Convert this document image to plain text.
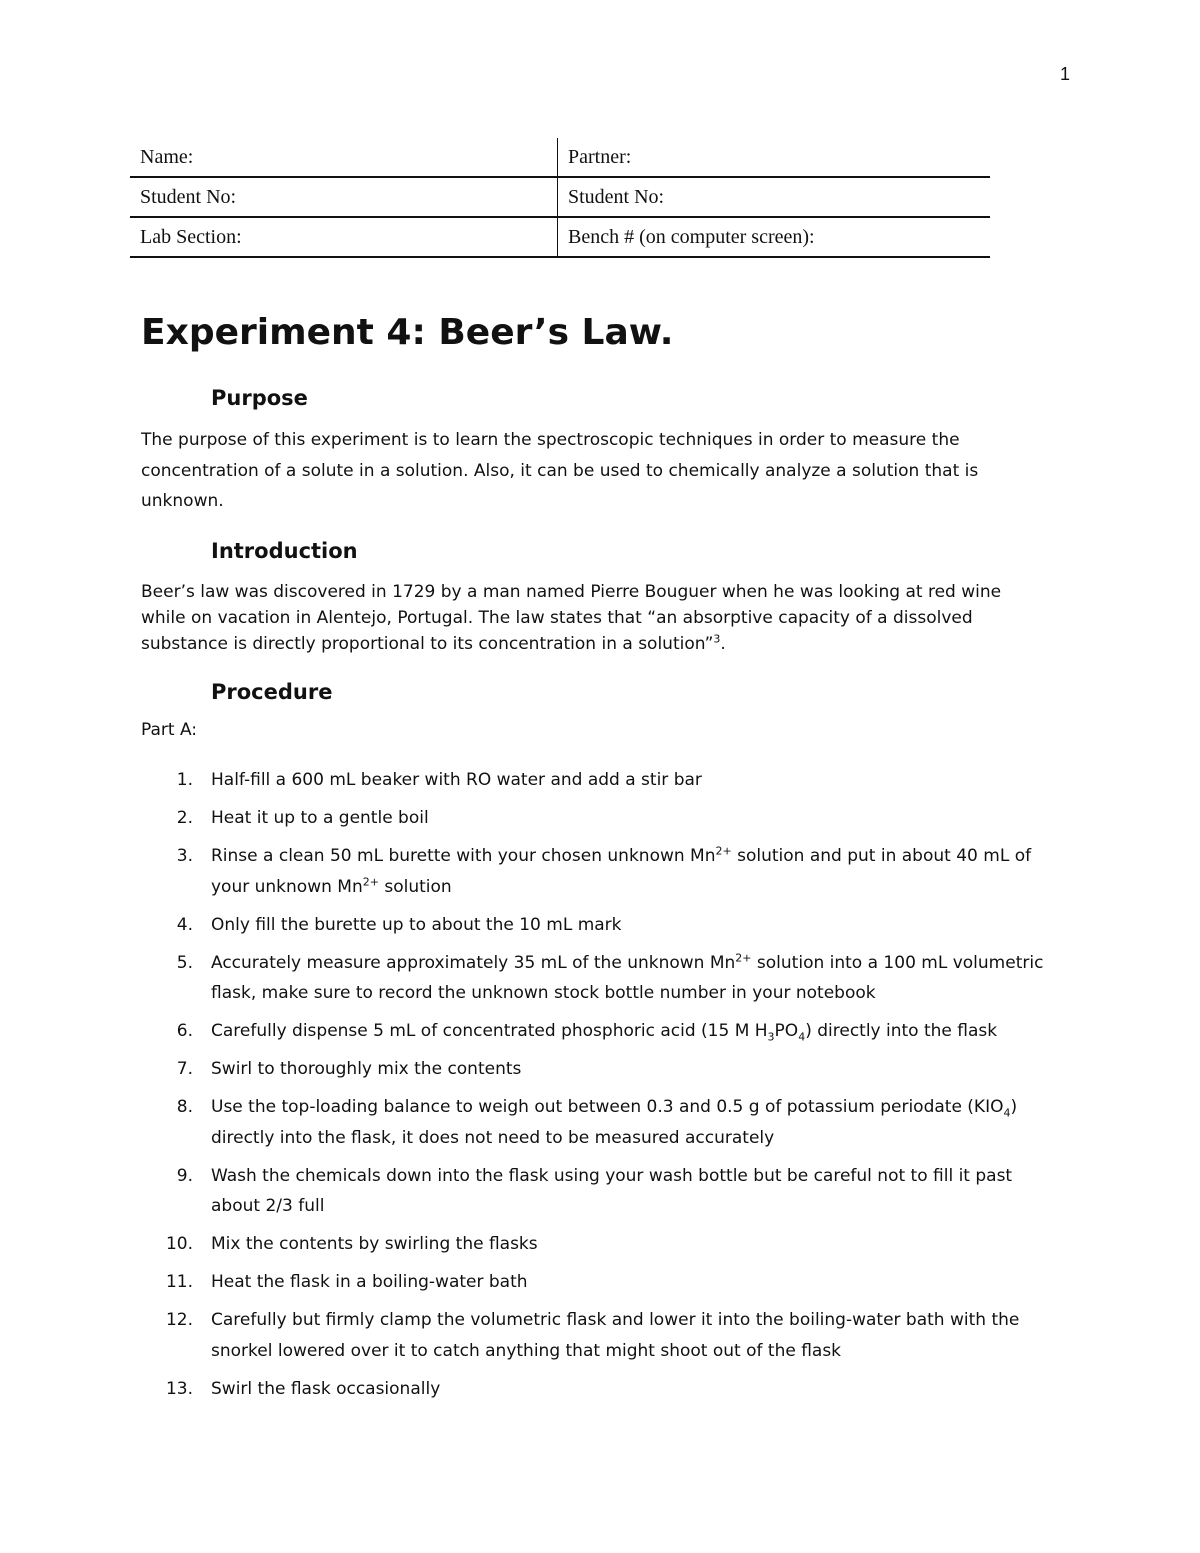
1
Name:	Partner:
Student No:	Student No:
Lab Section:	Bench # (on computer screen):
Experiment 4: Beer’s Law.
Purpose

The purpose of this experiment is to learn the spectroscopic techniques in order to measure the concentration of a solute in a solution. Also, it can be used to chemically analyze a solution that is unknown.

Introduction

Beer’s law was discovered in 1729 by a man named Pierre Bouguer when he was looking at red wine while on vacation in Alentejo, Portugal. The law states that “an absorptive capacity of a dissolved substance is directly proportional to its concentration in a solution”$^3$.

Procedure
Part A:
1. Half-fill a 600 mL beaker with RO water and add a stir bar
2. Heat it up to a gentle boil
3. Rinse a clean 50 mL burette with your chosen unknown $Mn^{2+}$ solution and put in about 40 mL of your unknown $Mn^{2+}$ solution
4. Only fill the burette up to about the 10 mL mark
5. Accurately measure approximately 35 mL of the unknown $Mn^{2+}$ solution into a 100 mL volumetric flask, make sure to record the unknown stock bottle number in your notebook
6. Carefully dispense 5 mL of concentrated phosphoric acid (15 M $H_3PO_4$) directly into the flask
7. Swirl to thoroughly mix the contents
8. Use the top-loading balance to weigh out between 0.3 and 0.5 g of potassium periodate $(KIO_4)$ directly into the flask, it does not need to be measured accurately
9. Wash the chemicals down into the flask using your wash bottle but be careful not to fill it past about 2/3 full
10. Mix the contents by swirling the flasks
11. Heat the flask in a boiling-water bath
12. Carefully but firmly clamp the volumetric flask and lower it into the boiling-water bath with the snorkel lowered over it to catch anything that might shoot out of the flask
13. Swirl the flask occasionally
